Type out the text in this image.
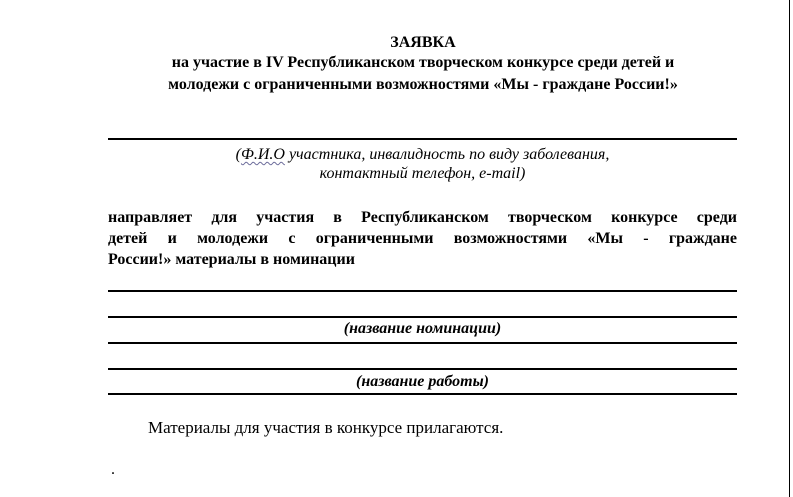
ЗАЯВКА
на участие в IV Республиканском творческом конкурсе среди детей и
молодежи с ограниченными возможностями «Мы - граждане России!»
(Ф.И.О участника, инвалидность по виду заболевания,
контактный телефон, e-mail)
направляет для участия в Республиканском творческом конкурсе среди
детей и молодежи с ограниченными возможностями «Мы - граждане
России!» материалы в номинации
(название номинации)
(название работы)
Материалы для участия в конкурсе прилагаются.
.
